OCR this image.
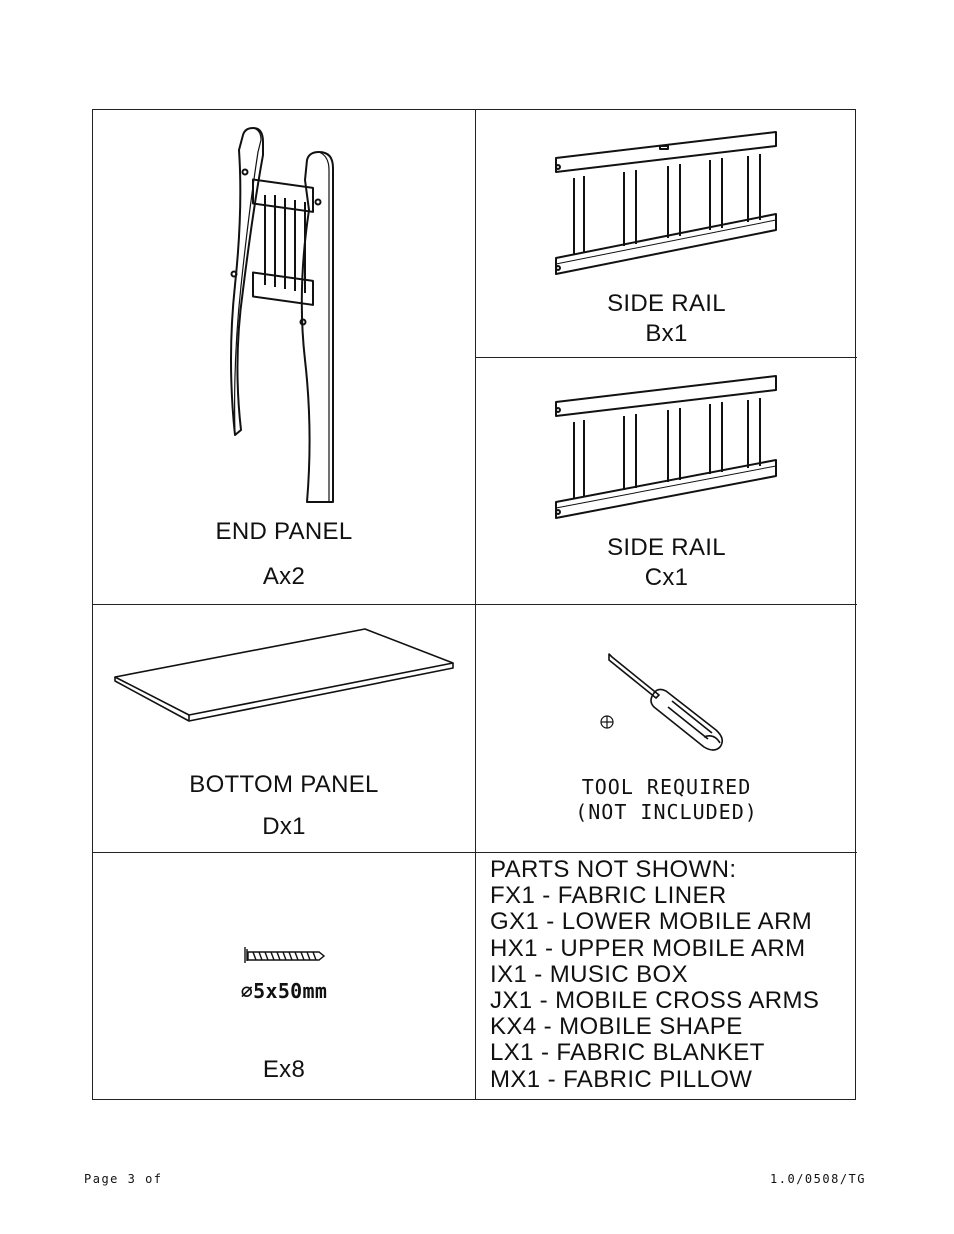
END PANEL
Ax2
SIDE RAIL
Bx1
SIDE RAIL
Cx1
BOTTOM PANEL
Dx1
TOOL REQUIRED
(NOT INCLUDED)
∅5x50mm
Ex8
PARTS NOT SHOWN:
FX1 - FABRIC LINER
GX1 - LOWER MOBILE ARM
HX1 - UPPER MOBILE ARM
IX1 - MUSIC BOX
JX1 - MOBILE CROSS ARMS
KX4 - MOBILE SHAPE
LX1 - FABRIC BLANKET
MX1 - FABRIC PILLOW
Page 3 of	1.0/0508/TG
